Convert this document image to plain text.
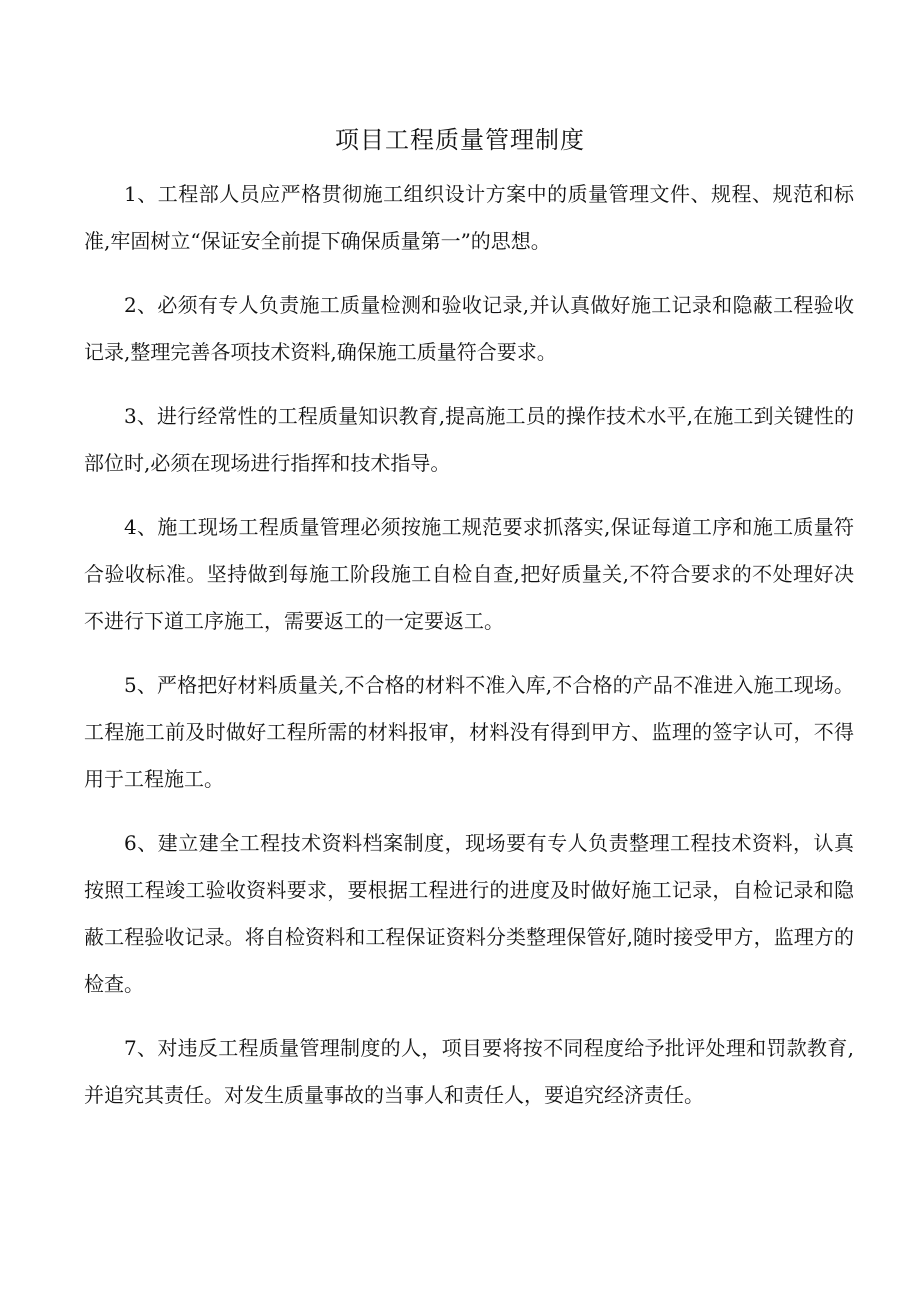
项目工程质量管理制度

1、工程部人员应严格贯彻施工组织设计方案中的质量管理文件、规程、规范和标准,牢固树立“保证安全前提下确保质量第一”的思想。

2、必须有专人负责施工质量检测和验收记录,并认真做好施工记录和隐蔽工程验收记录,整理完善各项技术资料,确保施工质量符合要求。

3、进行经常性的工程质量知识教育,提高施工员的操作技术水平,在施工到关键性的部位时,必须在现场进行指挥和技术指导。

4、施工现场工程质量管理必须按施工规范要求抓落实,保证每道工序和施工质量符合验收标准。坚持做到每施工阶段施工自检自查,把好质量关,不符合要求的不处理好决不进行下道工序施工，需要返工的一定要返工。

5、严格把好材料质量关,不合格的材料不准入库,不合格的产品不准进入施工现场。工程施工前及时做好工程所需的材料报审，材料没有得到甲方、监理的签字认可，不得用于工程施工。

6、建立建全工程技术资料档案制度，现场要有专人负责整理工程技术资料，认真按照工程竣工验收资料要求，要根据工程进行的进度及时做好施工记录，自检记录和隐蔽工程验收记录。将自检资料和工程保证资料分类整理保管好,随时接受甲方，监理方的检查。

7、对违反工程质量管理制度的人，项目要将按不同程度给予批评处理和罚款教育,并追究其责任。对发生质量事故的当事人和责任人，要追究经济责任。
